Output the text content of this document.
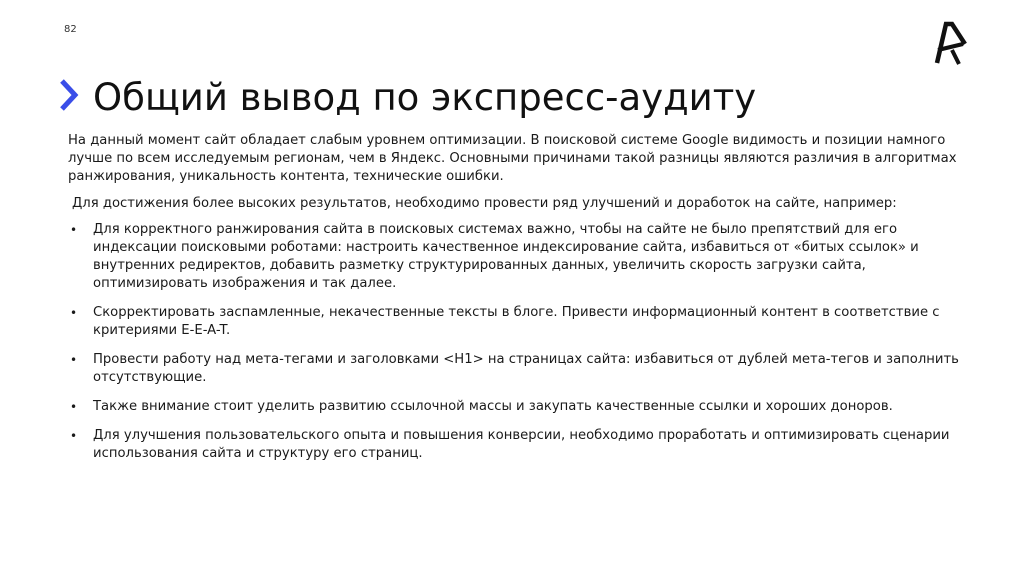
82
Общий вывод по экспресс-аудиту

На данный момент сайт обладает слабым уровнем оптимизации. В поисковой системе Google видимость и позиции намного лучше по всем исследуемым регионам, чем в Яндекс. Основными причинами такой разницы являются различия в алгоритмах ранжирования, уникальность контента, технические ошибки.

Для достижения более высоких результатов, необходимо провести ряд улучшений и доработок на сайте, например:

• Для корректного ранжирования сайта в поисковых системах важно, чтобы на сайте не было препятствий для его индексации поисковыми роботами: настроить качественное индексирование сайта, избавиться от «битых ссылок» и внутренних редиректов, добавить разметку структурированных данных, увеличить скорость загрузки сайта, оптимизировать изображения и так далее.
• Скорректировать заспамленные, некачественные тексты в блоге. Привести информационный контент в соответствие с критериями E-E-A-T.
• Провести работу над мета-тегами и заголовками <H1> на страницах сайта: избавиться от дублей мета-тегов и заполнить отсутствующие.
• Также внимание стоит уделить развитию ссылочной массы и закупать качественные ссылки и хороших доноров.
• Для улучшения пользовательского опыта и повышения конверсии, необходимо проработать и оптимизировать сценарии использования сайта и структуру его страниц.
